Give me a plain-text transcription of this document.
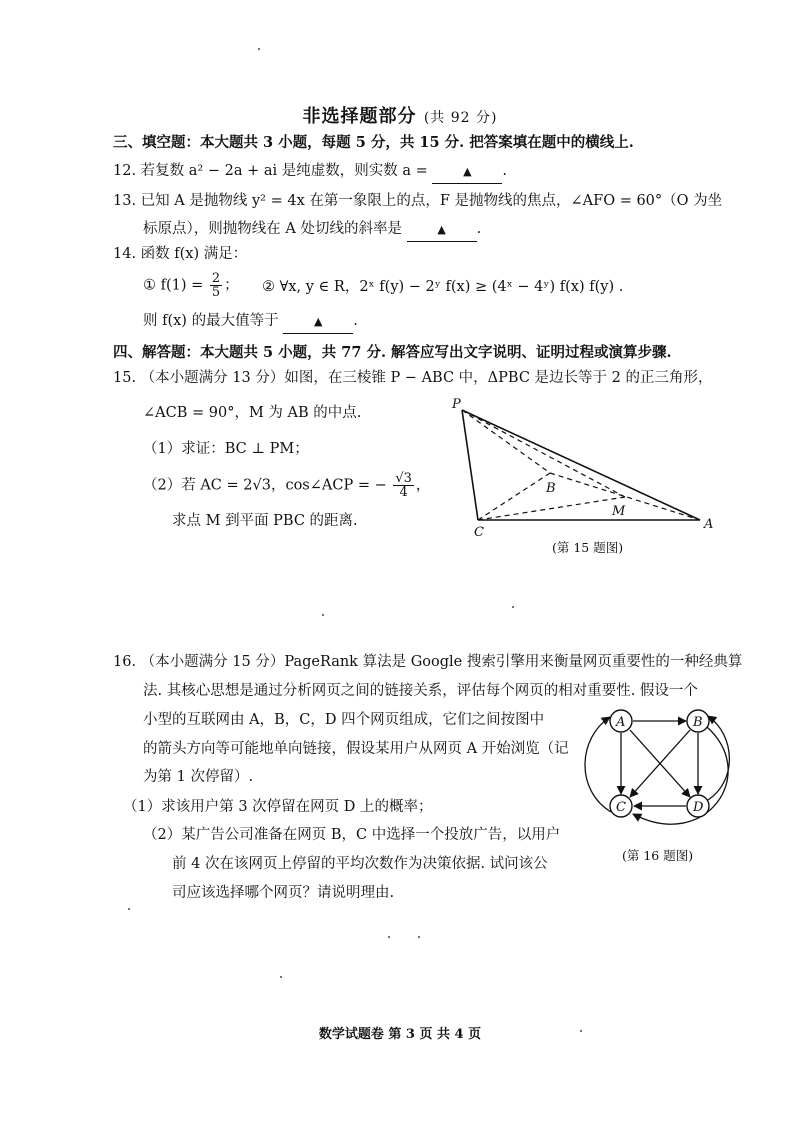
非选择题部分 (共 92 分)
三、填空题：本大题共 3 小题，每题 5 分，共 15 分. 把答案填在题中的横线上.
12. 若复数 a² − 2a + ai 是纯虚数，则实数 a =	▲ .
13. 已知 A 是抛物线 y² = 4x 在第一象限上的点，F 是抛物线的焦点，∠AFO = 60°（O 为坐
标原点），则抛物线在 A 处切线的斜率是	▲ .
14. 函数 f(x) 满足：
① $f(1) = \frac{2}{5}$ ； ② ∀x, y ∈ R，2ˣ f(y) − 2ʸ f(x) ≥ (4ˣ − 4ʸ) f(x) f(y) .
则 f(x) 的最大值等于	▲ .
四、解答题：本大题共 5 小题，共 77 分. 解答应写出文字说明、证明过程或演算步骤.
15. （本小题满分 13 分）如图，在三棱锥 P − ABC 中，ΔPBC 是边长等于 2 的正三角形，
∠ACB = 90°，M 为 AB 的中点.
（1）求证：BC ⊥ PM；
（2）若 AC = 2√3，cos∠ACP = − $\frac{√3}{4}$ ，
求点 M 到平面 PBC 的距离.
P
B
M
C
A
(第 15 题图)
16. （本小题满分 15 分）PageRank 算法是 Google 搜索引擎用来衡量网页重要性的一种经典算
法. 其核心思想是通过分析网页之间的链接关系，评估每个网页的相对重要性. 假设一个
小型的互联网由 A，B，C，D 四个网页组成，它们之间按图中
的箭头方向等可能地单向链接，假设某用户从网页 A 开始浏览（记
为第 1 次停留）.
（1）求该用户第 3 次停留在网页 D 上的概率；
（2）某广告公司准备在网页 B，C 中选择一个投放广告，以用户
前 4 次在该网页上停留的平均次数作为决策依据. 试问该公
司应该选择哪个网页？请说明理由.
A	B
C	D
(第 16 题图)
数学试题卷 第 3 页 共 4 页
